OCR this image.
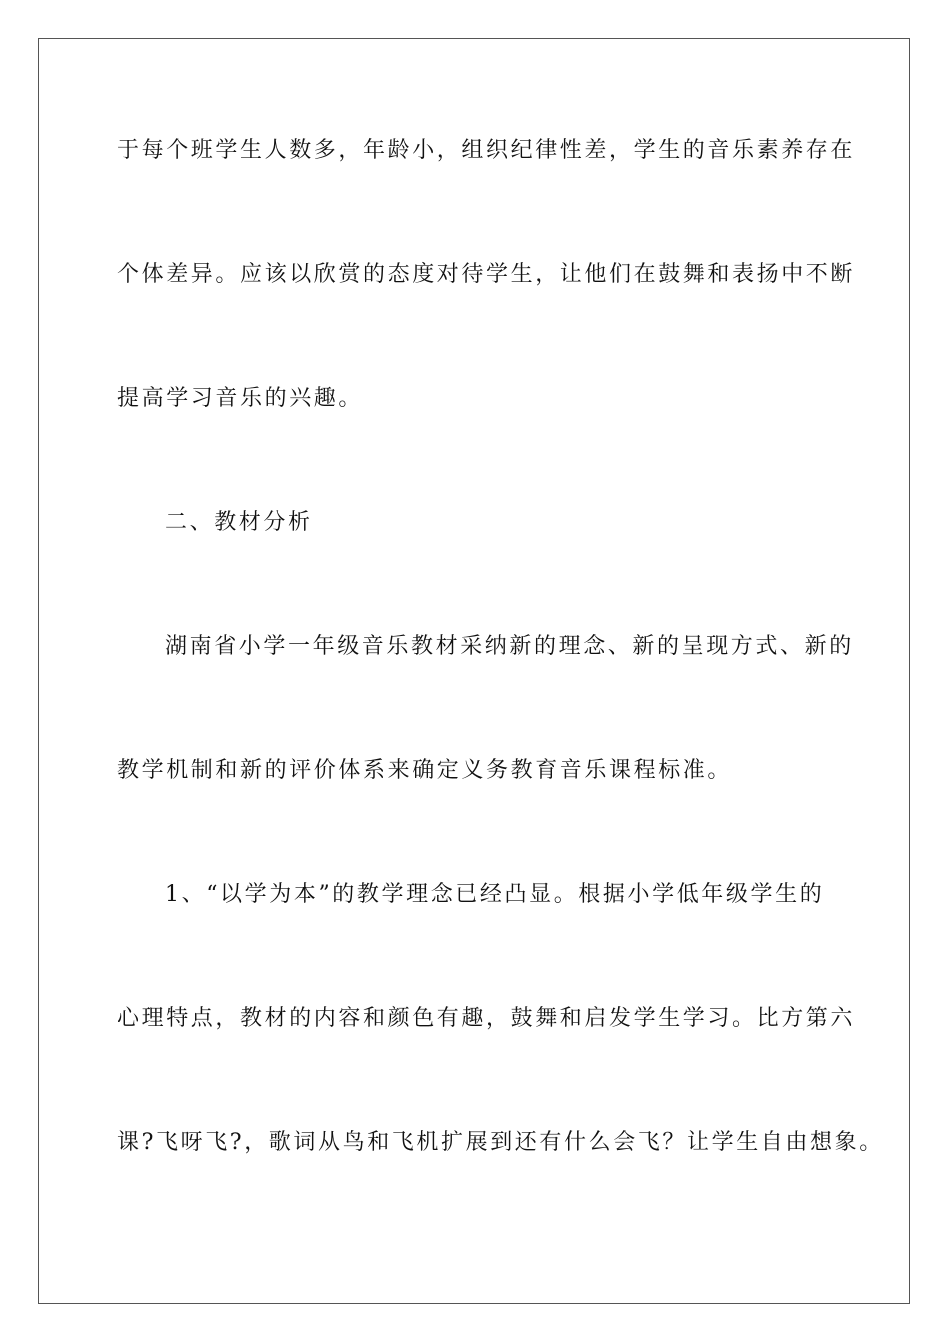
于每个班学生人数多，年龄小，组织纪律性差，学生的音乐素养存在
个体差异。应该以欣赏的态度对待学生，让他们在鼓舞和表扬中不断
提高学习音乐的兴趣。
二、教材分析
湖南省小学一年级音乐教材采纳新的理念、新的呈现方式、新的
教学机制和新的评价体系来确定义务教育音乐课程标准。
1、“以学为本”的教学理念已经凸显。根据小学低年级学生的
心理特点，教材的内容和颜色有趣，鼓舞和启发学生学习。比方第六
课?飞呀飞?，歌词从鸟和飞机扩展到还有什么会飞？让学生自由想象。
